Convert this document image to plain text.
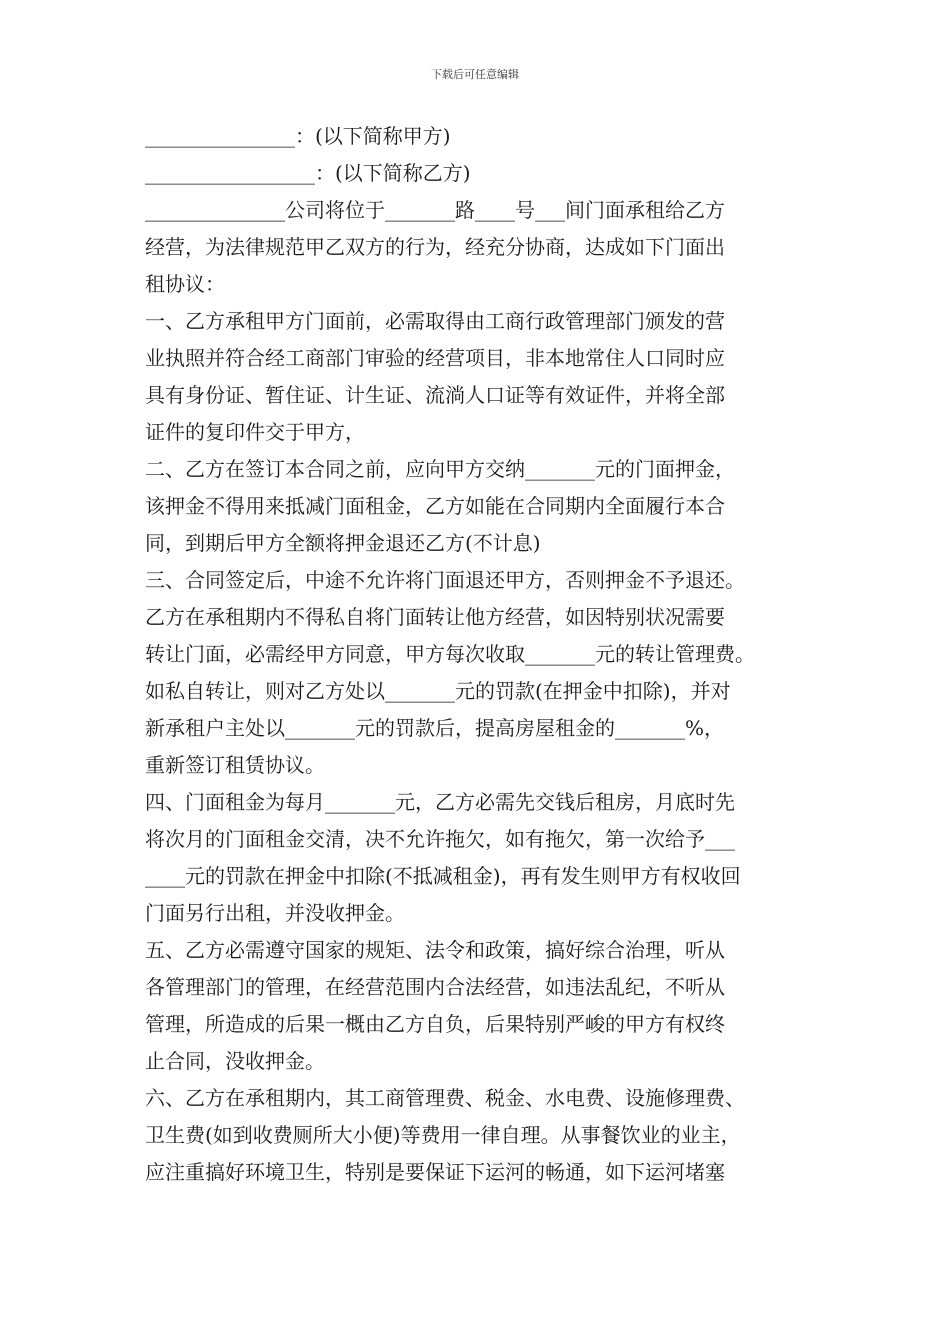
下载后可任意编辑
_______________：(以下简称甲方)
_________________：(以下简称乙方)
______________公司将位于_______路____号___间门面承租给乙方
经营，为法律规范甲乙双方的行为，经充分协商，达成如下门面出
租协议：
一、乙方承租甲方门面前，必需取得由工商行政管理部门颁发的营
业执照并符合经工商部门审验的经营项目，非本地常住人口同时应
具有身份证、暂住证、计生证、流淌人口证等有效证件，并将全部
证件的复印件交于甲方，
二、乙方在签订本合同之前，应向甲方交纳_______元的门面押金，
该押金不得用来抵减门面租金，乙方如能在合同期内全面履行本合
同，到期后甲方全额将押金退还乙方(不计息)
三、合同签定后，中途不允许将门面退还甲方，否则押金不予退还。
乙方在承租期内不得私自将门面转让他方经营，如因特别状况需要
转让门面，必需经甲方同意，甲方每次收取_______元的转让管理费。
如私自转让，则对乙方处以_______元的罚款(在押金中扣除)，并对
新承租户主处以_______元的罚款后，提高房屋租金的_______%，
重新签订租赁协议。
四、门面租金为每月_______元，乙方必需先交钱后租房，月底时先
将次月的门面租金交清，决不允许拖欠，如有拖欠，第一次给予___
____元的罚款在押金中扣除(不抵减租金)，再有发生则甲方有权收回
门面另行出租，并没收押金。
五、乙方必需遵守国家的规矩、法令和政策，搞好综合治理，听从
各管理部门的管理，在经营范围内合法经营，如违法乱纪，不听从
管理，所造成的后果一概由乙方自负，后果特别严峻的甲方有权终
止合同，没收押金。
六、乙方在承租期内，其工商管理费、税金、水电费、设施修理费、
卫生费(如到收费厕所大小便)等费用一律自理。从事餐饮业的业主，
应注重搞好环境卫生，特别是要保证下运河的畅通，如下运河堵塞
